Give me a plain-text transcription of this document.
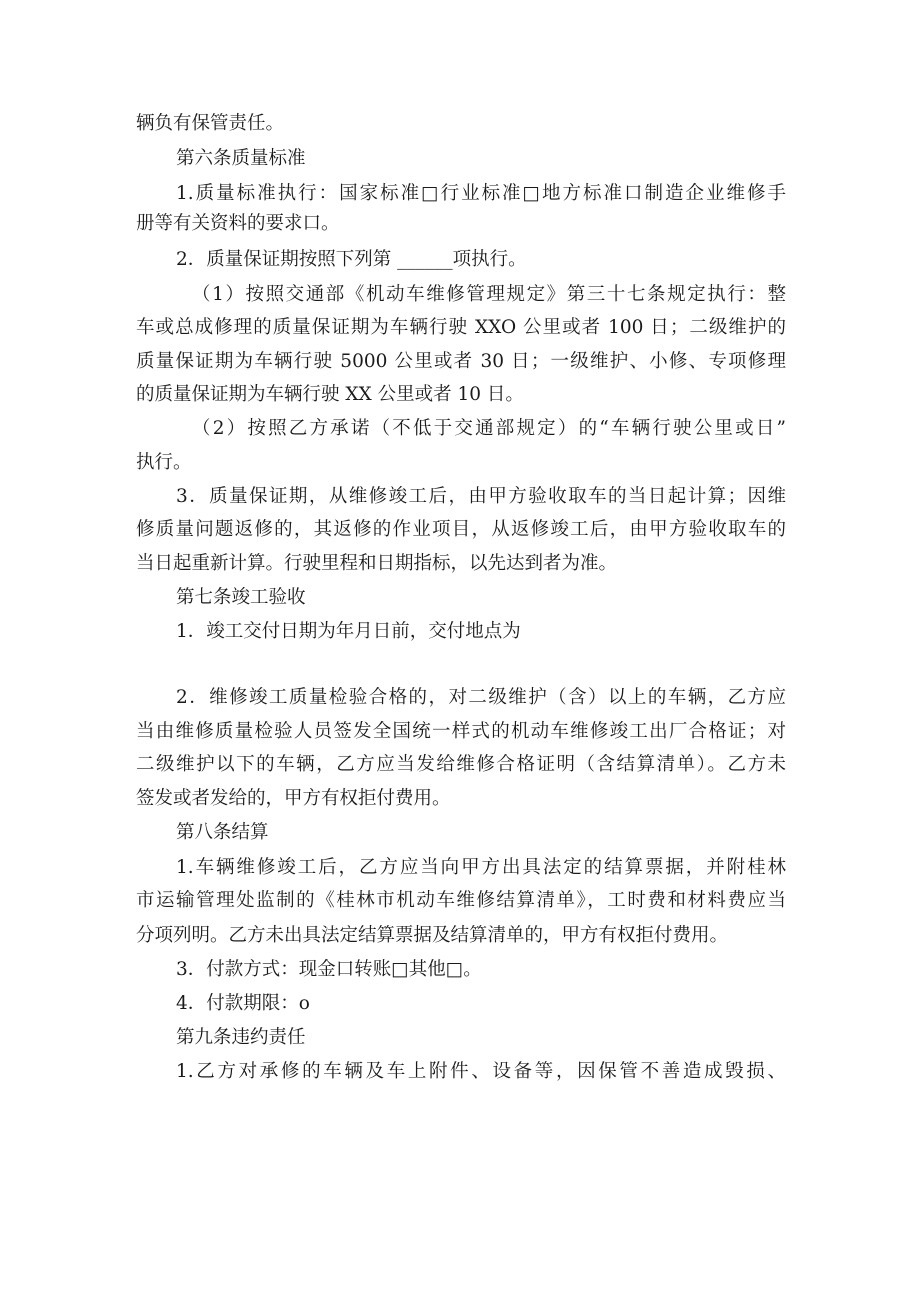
辆负有保管责任。
第六条质量标准
1.质量标准执行：国家标准□行业标准□地方标准口制造企业维修手
册等有关资料的要求口。
2．质量保证期按照下列第 ______项执行。
（1）按照交通部《机动车维修管理规定》第三十七条规定执行：整
车或总成修理的质量保证期为车辆行驶 XXO 公里或者 100 日；二级维护的
质量保证期为车辆行驶 5000 公里或者 30 日；一级维护、小修、专项修理
的质量保证期为车辆行驶 XX 公里或者 10 日。
（2）按照乙方承诺（不低于交通部规定）的“车辆行驶公里或日”
执行。
3．质量保证期，从维修竣工后，由甲方验收取车的当日起计算；因维
修质量问题返修的，其返修的作业项目，从返修竣工后，由甲方验收取车的
当日起重新计算。行驶里程和日期指标，以先达到者为准。
第七条竣工验收
1．竣工交付日期为年月日前，交付地点为
2．维修竣工质量检验合格的，对二级维护（含）以上的车辆，乙方应
当由维修质量检验人员签发全国统一样式的机动车维修竣工出厂合格证；对
二级维护以下的车辆，乙方应当发给维修合格证明（含结算清单）。乙方未
签发或者发给的，甲方有权拒付费用。
第八条结算
1.车辆维修竣工后，乙方应当向甲方出具法定的结算票据，并附桂林
市运输管理处监制的《桂林市机动车维修结算清单》，工时费和材料费应当
分项列明。乙方未出具法定结算票据及结算清单的，甲方有权拒付费用。
3．付款方式：现金口转账□其他□。
4．付款期限：o
第九条违约责任
1.乙方对承修的车辆及车上附件、设备等，因保管不善造成毁损、
